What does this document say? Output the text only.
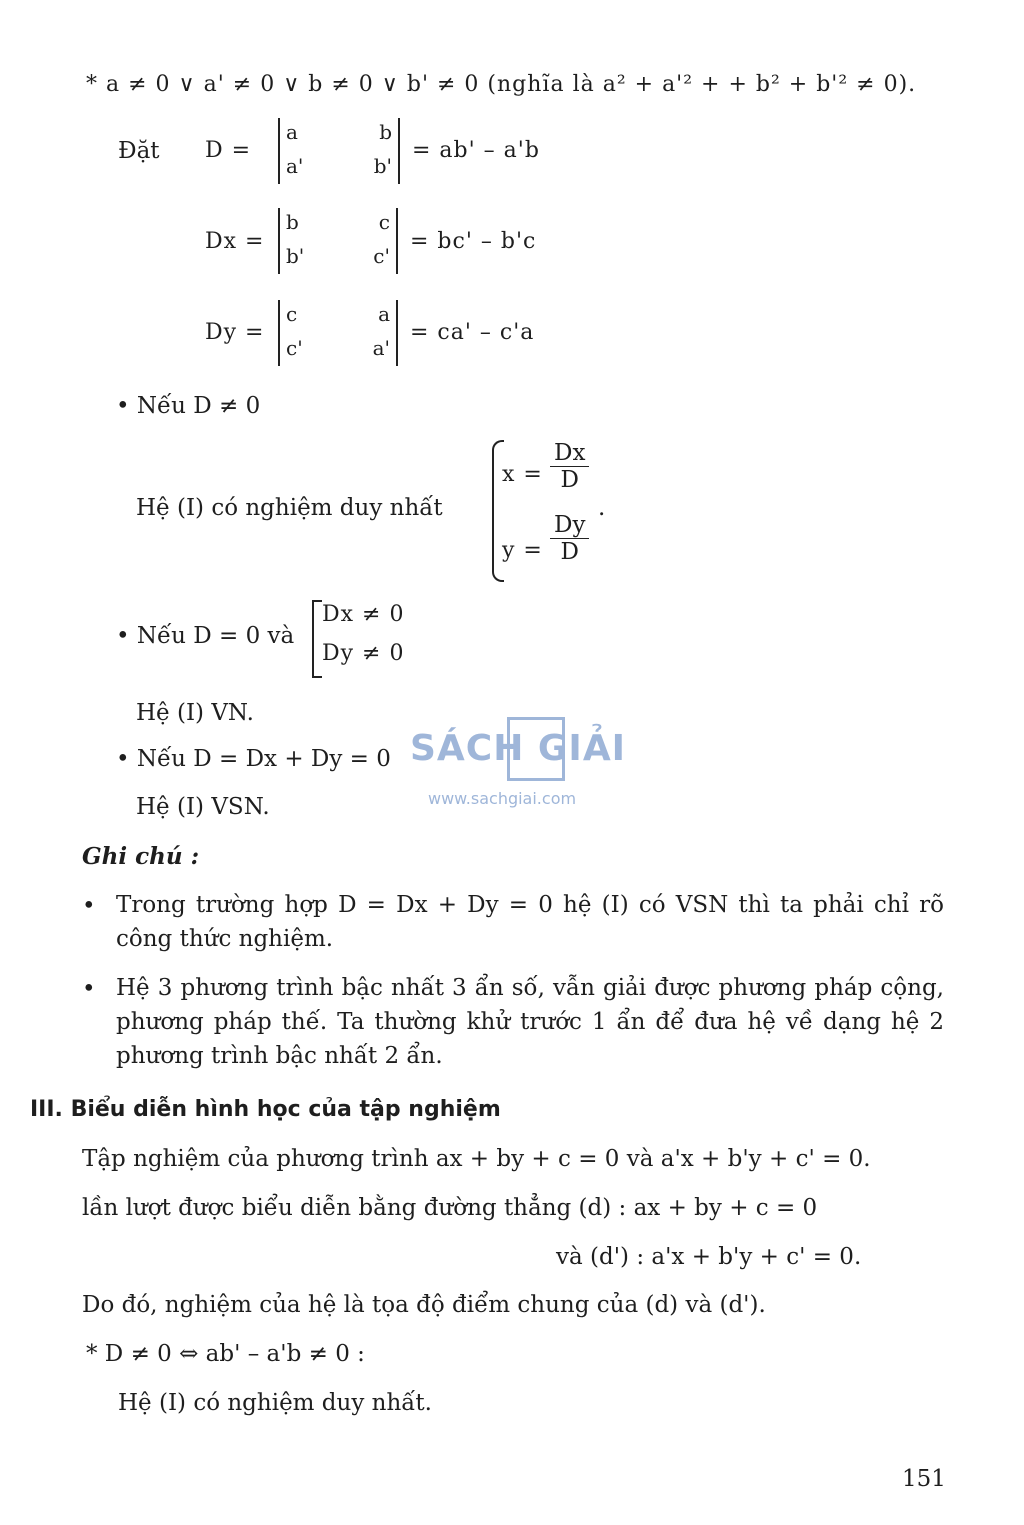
* a ≠ 0 ∨ a' ≠ 0 ∨ b ≠ 0 ∨ b' ≠ 0 (nghĩa là a² + a'² + + b² + b'² ≠ 0).
Đặt D =
a	b
a'	b'
= ab' – a'b
Dx =
b	c
b'	c'
= bc' – b'c
Dy =
c	a
c'	a'
= ca' – c'a
• Nếu D ≠ 0
Hệ (I) có nghiệm duy nhất
$x = \frac{Dx}{D}$
.
$y = \frac{Dy}{D}$
• Nếu D = 0 và
Dx ≠ 0
Dy ≠ 0
Hệ (I) VN.
• Nếu D = Dx + Dy = 0
Hệ (I) VSN.
SÁCH GIẢI
www.sachgiai.com
Ghi chú :
• Trong trường hợp D = Dx + Dy = 0 hệ (I) có VSN thì ta phải chỉ rõ công thức nghiệm.
• Hệ 3 phương trình bậc nhất 3 ẩn số, vẫn giải được phương pháp cộng, phương pháp thế. Ta thường khử trước 1 ẩn để đưa hệ về dạng hệ 2 phương trình bậc nhất 2 ẩn.
III. Biểu diễn hình học của tập nghiệm
Tập nghiệm của phương trình ax + by + c = 0 và a'x + b'y + c' = 0.
lần lượt được biểu diễn bằng đường thẳng (d) : ax + by + c = 0
và (d') : a'x + b'y + c' = 0.
Do đó, nghiệm của hệ là tọa độ điểm chung của (d) và (d').
* D ≠ 0 ⇔ ab' – a'b ≠ 0 :
Hệ (I) có nghiệm duy nhất.
151
